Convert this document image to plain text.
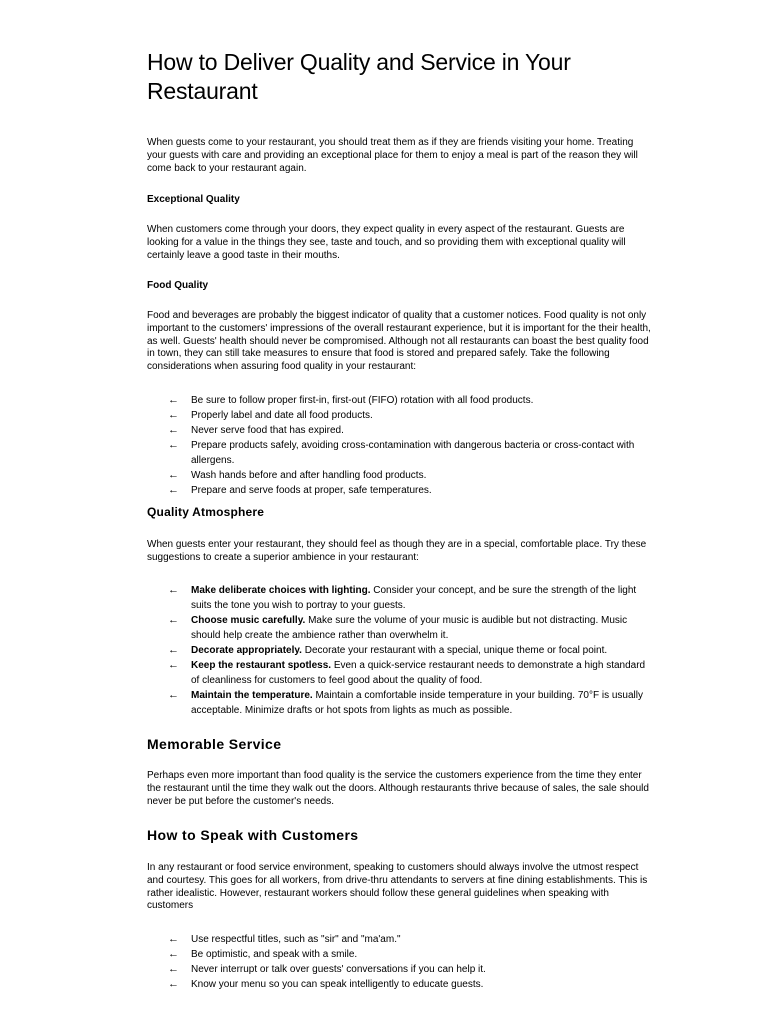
How to Deliver Quality and Service in Your Restaurant

When guests come to your restaurant, you should treat them as if they are friends visiting your home. Treating your guests with care and providing an exceptional place for them to enjoy a meal is part of the reason they will come back to your restaurant again.

Exceptional Quality

When customers come through your doors, they expect quality in every aspect of the restaurant. Guests are looking for a value in the things they see, taste and touch, and so providing them with exceptional quality will certainly leave a good taste in their mouths.

Food Quality

Food and beverages are probably the biggest indicator of quality that a customer notices. Food quality is not only important to the customers' impressions of the overall restaurant experience, but it is important for the their health, as well. Guests' health should never be compromised. Although not all restaurants can boast the best quality food in town, they can still take measures to ensure that food is stored and prepared safely. Take the following considerations when assuring food quality in your restaurant:

← Be sure to follow proper first-in, first-out (FIFO) rotation with all food products.
← Properly label and date all food products.
← Never serve food that has expired.
← Prepare products safely, avoiding cross-contamination with dangerous bacteria or cross-contact with allergens.
← Wash hands before and after handling food products.
← Prepare and serve foods at proper, safe temperatures.
Quality Atmosphere

When guests enter your restaurant, they should feel as though they are in a special, comfortable place. Try these suggestions to create a superior ambience in your restaurant:

← Make deliberate choices with lighting. Consider your concept, and be sure the strength of the light suits the tone you wish to portray to your guests.
← Choose music carefully. Make sure the volume of your music is audible but not distracting. Music should help create the ambience rather than overwhelm it.
← Decorate appropriately. Decorate your restaurant with a special, unique theme or focal point.
← Keep the restaurant spotless. Even a quick-service restaurant needs to demonstrate a high standard of cleanliness for customers to feel good about the quality of food.
← Maintain the temperature. Maintain a comfortable inside temperature in your building. 70°F is usually acceptable. Minimize drafts or hot spots from lights as much as possible.
Memorable Service

Perhaps even more important than food quality is the service the customers experience from the time they enter the restaurant until the time they walk out the doors. Although restaurants thrive because of sales, the sale should never be put before the customer's needs.

How to Speak with Customers

In any restaurant or food service environment, speaking to customers should always involve the utmost respect and courtesy. This goes for all workers, from drive-thru attendants to servers at fine dining establishments. This is rather idealistic. However, restaurant workers should follow these general guidelines when speaking with customers

← Use respectful titles, such as "sir" and "ma'am."
← Be optimistic, and speak with a smile.
← Never interrupt or talk over guests' conversations if you can help it.
← Know your menu so you can speak intelligently to educate guests.
